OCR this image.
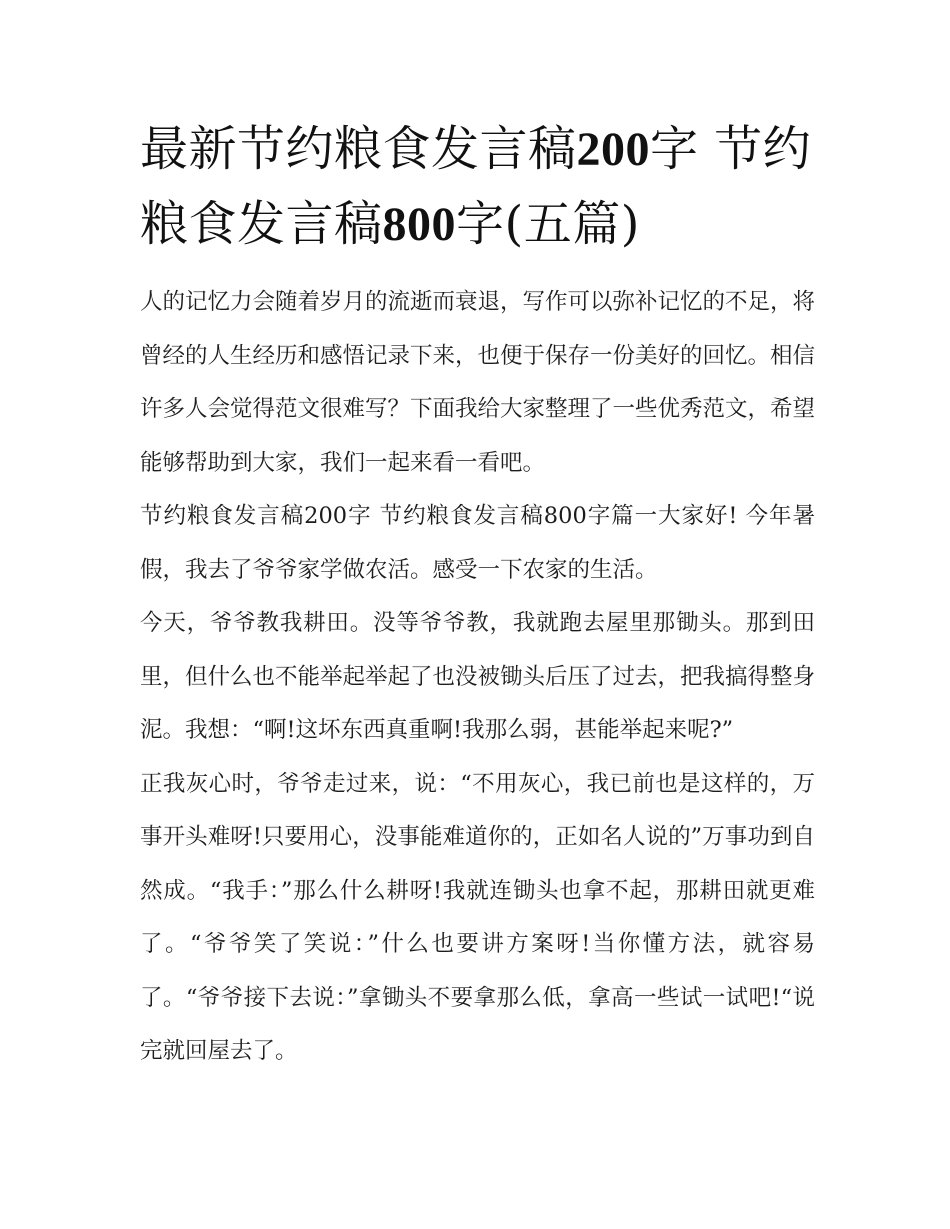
最新节约粮食发言稿200字 节约粮食发言稿800字(五篇)

人的记忆力会随着岁月的流逝而衰退，写作可以弥补记忆的不足，将曾经的人生经历和感悟记录下来，也便于保存一份美好的回忆。相信许多人会觉得范文很难写？下面我给大家整理了一些优秀范文，希望能够帮助到大家，我们一起来看一看吧。

节约粮食发言稿200字 节约粮食发言稿800字篇一大家好! 今年暑假，我去了爷爷家学做农活。感受一下农家的生活。

今天，爷爷教我耕田。没等爷爷教，我就跑去屋里那锄头。那到田里，但什么也不能举起举起了也没被锄头后压了过去，把我搞得整身泥。我想：“啊!这坏东西真重啊!我那么弱，甚能举起来呢?”

正我灰心时，爷爷走过来，说：“不用灰心，我已前也是这样的，万事开头难呀!只要用心，没事能难道你的，正如名人说的”万事功到自然成。“我手：”那么什么耕呀!我就连锄头也拿不起，那耕田就更难了。“爷爷笑了笑说：”什么也要讲方案呀!当你懂方法，就容易了。“爷爷接下去说：”拿锄头不要拿那么低，拿高一些试一试吧!“说完就回屋去了。
